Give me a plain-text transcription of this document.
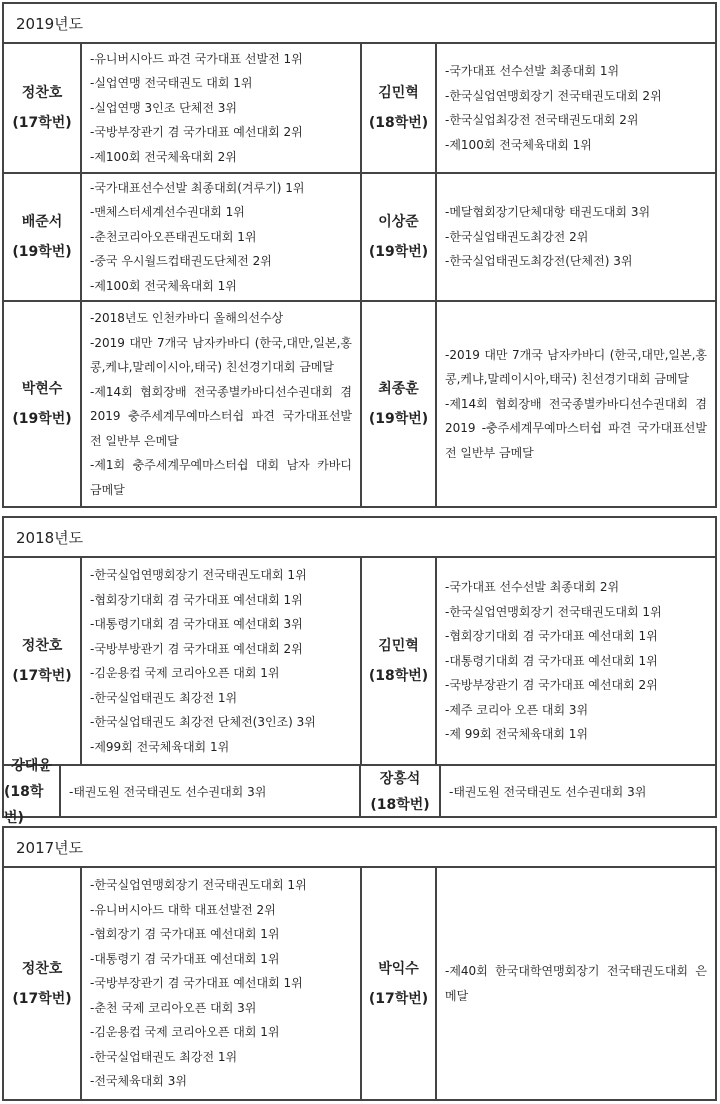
2019년도
정찬호
(17학번)
-유니버시아드 파견 국가대표 선발전 1위
-실업연맹 전국태권도 대회 1위
-실업연맹 3인조 단체전 3위
-국방부장관기 겸 국가대표 예선대회 2위
-제100회 전국체육대회 2위
김민혁
(18학번)
-국가대표 선수선발 최종대회 1위
-한국실업연맹회장기 전국태권도대회 2위
-한국실업최강전 전국태권도대회 2위
-제100회 전국체육대회 1위
배준서
(19학번)
-국가대표선수선발 최종대회(겨루기) 1위
-맨체스터세계선수권대회 1위
-춘천코리아오픈태권도대회 1위
-중국 우시월드컵태권도단체전 2위
-제100회 전국체육대회 1위
이상준
(19학번)
-메달협회장기단체대항 태권도대회 3위
-한국실업태권도최강전 2위
-한국실업태권도최강전(단체전) 3위
박현수
(19학번)
-2018년도 인천카바디 올해의선수상
-2019 대만 7개국 남자카바디 (한국,대만,일본,홍콩,케냐,말레이시아,태국) 친선경기대회 금메달
-제14회 협회장배 전국종별카바디선수권대회 겸 2019 충주세계무예마스터쉽 파견 국가대표선발전 일반부 은메달
-제1회 충주세계무예마스터쉽 대회 남자 카바디 금메달
최종훈
(19학번)
-2019 대만 7개국 남자카바디 (한국,대만,일본,홍콩,케냐,말레이시아,태국) 친선경기대회 금메달
-제14회 협회장배 전국종별카바디선수권대회 겸 2019 -충주세계무예마스터쉽 파견 국가대표선발전 일반부 금메달
2018년도
정찬호
(17학번)
-한국실업연맹회장기 전국태권도대회 1위
-협회장기대회 겸 국가대표 예선대회 1위
-대통령기대회 겸 국가대표 예선대회 3위
-국방부방관기 겸 국가대표 예선대회 2위
-김운용컵 국제 코리아오픈 대회 1위
-한국실업태권도 최강전 1위
-한국실업태권도 최강전 단체전(3인조) 3위
-제99회 전국체육대회 1위
김민혁
(18학번)
-국가대표 선수선발 최종대회 2위
-한국실업연맹회장기 전국태권도대회 1위
-협회장기대회 겸 국가대표 예선대회 1위
-대통령기대회 겸 국가대표 예선대회 1위
-국방부장관기 겸 국가대표 예선대회 2위
-제주 코리아 오픈 대회 3위
-제 99회 전국체육대회 1위
강대윤
(18학번)
-태권도원 전국태권도 선수권대회 3위
장홍석
(18학번)
-태권도원 전국태권도 선수권대회 3위
2017년도
정찬호
(17학번)
-한국실업연맹회장기 전국태권도대회 1위
-유니버시아드 대학 대표선발전 2위
-협회장기 겸 국가대표 예선대회 1위
-대통령기 겸 국가대표 예선대회 1위
-국방부장관기 겸 국가대표 예선대회 1위
-춘천 국제 코리아오픈 대회 3위
-김운용컵 국제 코리아오픈 대회 1위
-한국실업태권도 최강전 1위
-전국체육대회 3위
박익수
(17학번)
-제40회 한국대학연맹회장기 전국태권도대회 은메달
